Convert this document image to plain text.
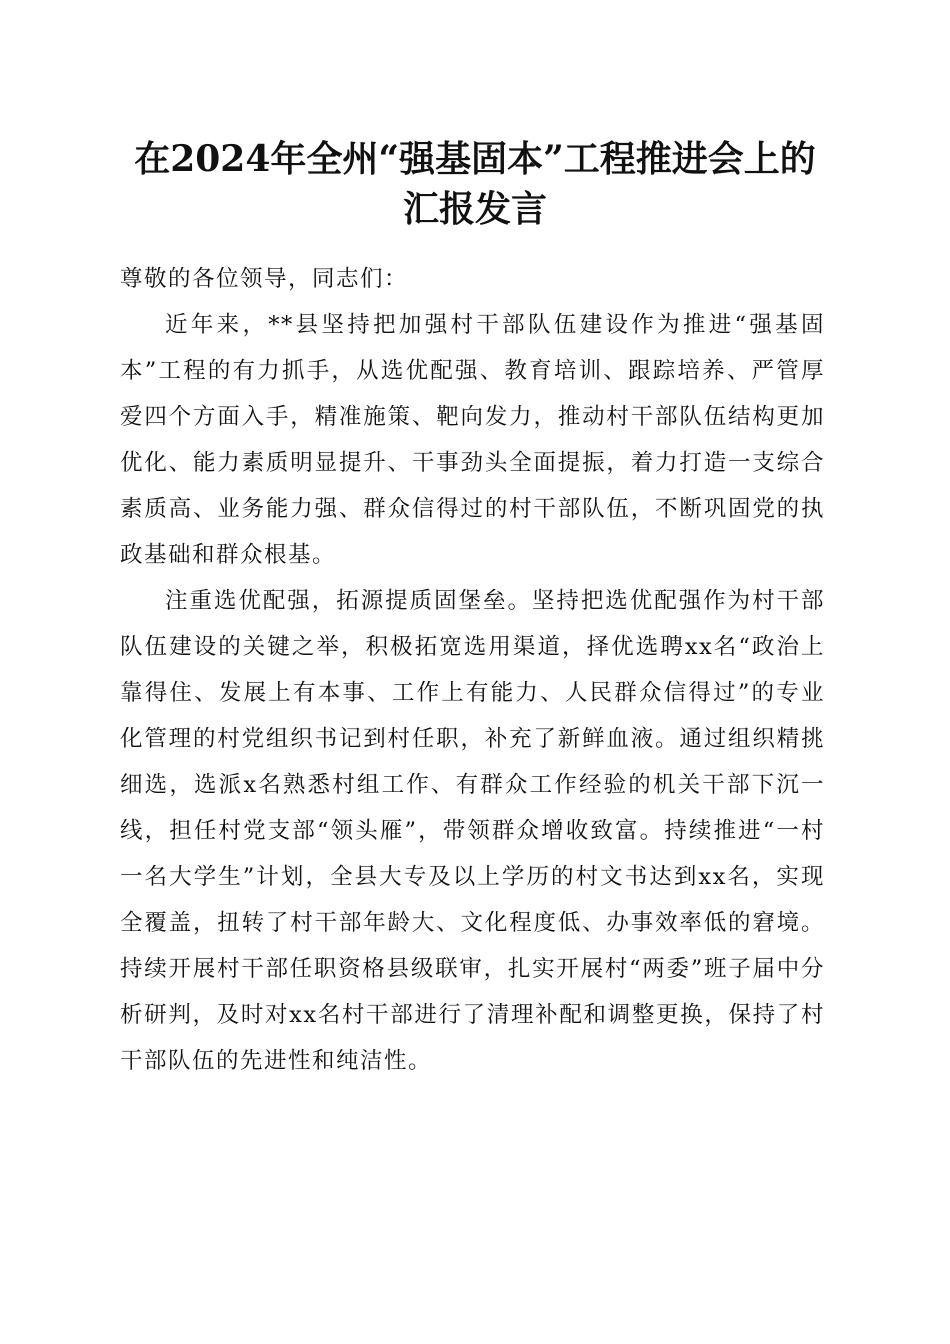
在2024年全州“强基固本”工程推进会上的
汇报发言

尊敬的各位领导，同志们：

近年来，**县坚持把加强村干部队伍建设作为推进“强基固本”工程的有力抓手，从选优配强、教育培训、跟踪培养、严管厚爱四个方面入手，精准施策、靶向发力，推动村干部队伍结构更加优化、能力素质明显提升、干事劲头全面提振，着力打造一支综合素质高、业务能力强、群众信得过的村干部队伍，不断巩固党的执政基础和群众根基。

注重选优配强，拓源提质固堡垒。坚持把选优配强作为村干部队伍建设的关键之举，积极拓宽选用渠道，择优选聘xx名“政治上靠得住、发展上有本事、工作上有能力、人民群众信得过”的专业化管理的村党组织书记到村任职，补充了新鲜血液。通过组织精挑细选，选派x名熟悉村组工作、有群众工作经验的机关干部下沉一线，担任村党支部“领头雁”，带领群众增收致富。持续推进“一村一名大学生”计划，全县大专及以上学历的村文书达到xx名，实现全覆盖，扭转了村干部年龄大、文化程度低、办事效率低的窘境。持续开展村干部任职资格县级联审，扎实开展村“两委”班子届中分析研判，及时对xx名村干部进行了清理补配和调整更换，保持了村干部队伍的先进性和纯洁性。
